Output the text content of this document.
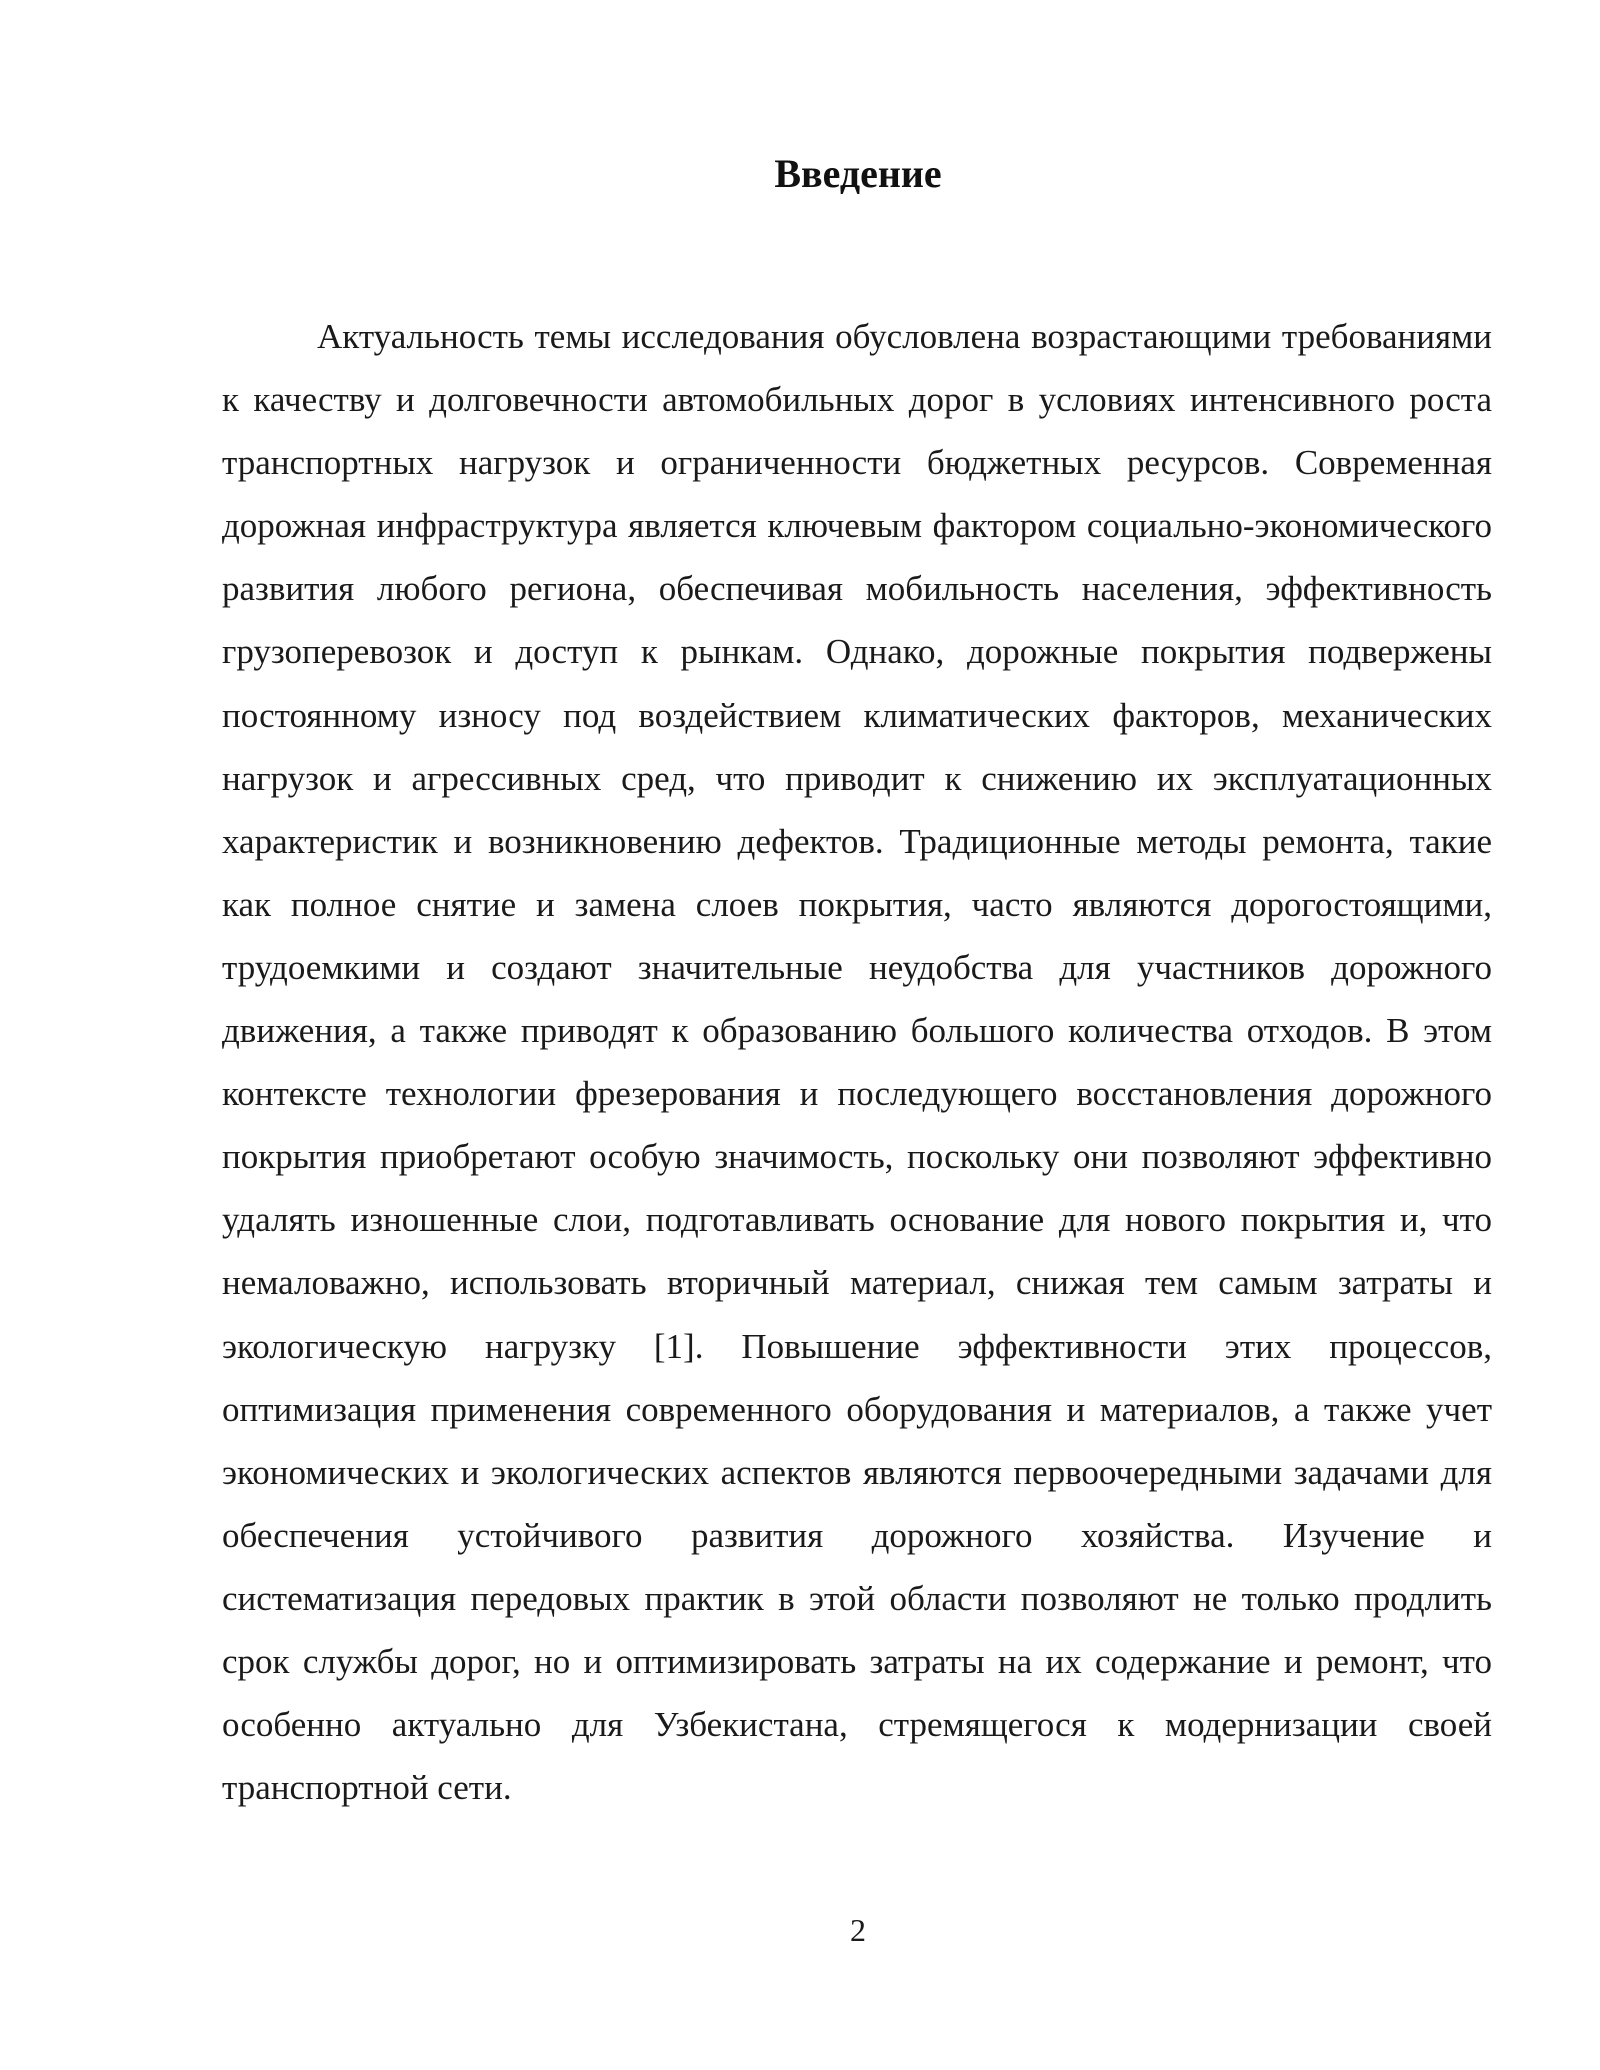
Введение

Актуальность темы исследования обусловлена возрастающими требованиями к качеству и долговечности автомобильных дорог в условиях интенсивного роста транспортных нагрузок и ограниченности бюджетных ресурсов. Современная дорожная инфраструктура является ключевым фактором социально-экономического развития любого региона, обеспечивая мобильность населения, эффективность грузоперевозок и доступ к рынкам. Однако, дорожные покрытия подвержены постоянному износу под воздействием климатических факторов, механических нагрузок и агрессивных сред, что приводит к снижению их эксплуатационных характеристик и возникновению дефектов. Традиционные методы ремонта, такие как полное снятие и замена слоев покрытия, часто являются дорогостоящими, трудоемкими и создают значительные неудобства для участников дорожного движения, а также приводят к образованию большого количества отходов. В этом контексте технологии фрезерования и последующего восстановления дорожного покрытия приобретают особую значимость, поскольку они позволяют эффективно удалять изношенные слои, подготавливать основание для нового покрытия и, что немаловажно, использовать вторичный материал, снижая тем самым затраты и экологическую нагрузку [1]. Повышение эффективности этих процессов, оптимизация применения современного оборудования и материалов, а также учет экономических и экологических аспектов являются первоочередными задачами для обеспечения устойчивого развития дорожного хозяйства. Изучение и систематизация передовых практик в этой области позволяют не только продлить срок службы дорог, но и оптимизировать затраты на их содержание и ремонт, что особенно актуально для Узбекистана, стремящегося к модернизации своей транспортной сети.

2
